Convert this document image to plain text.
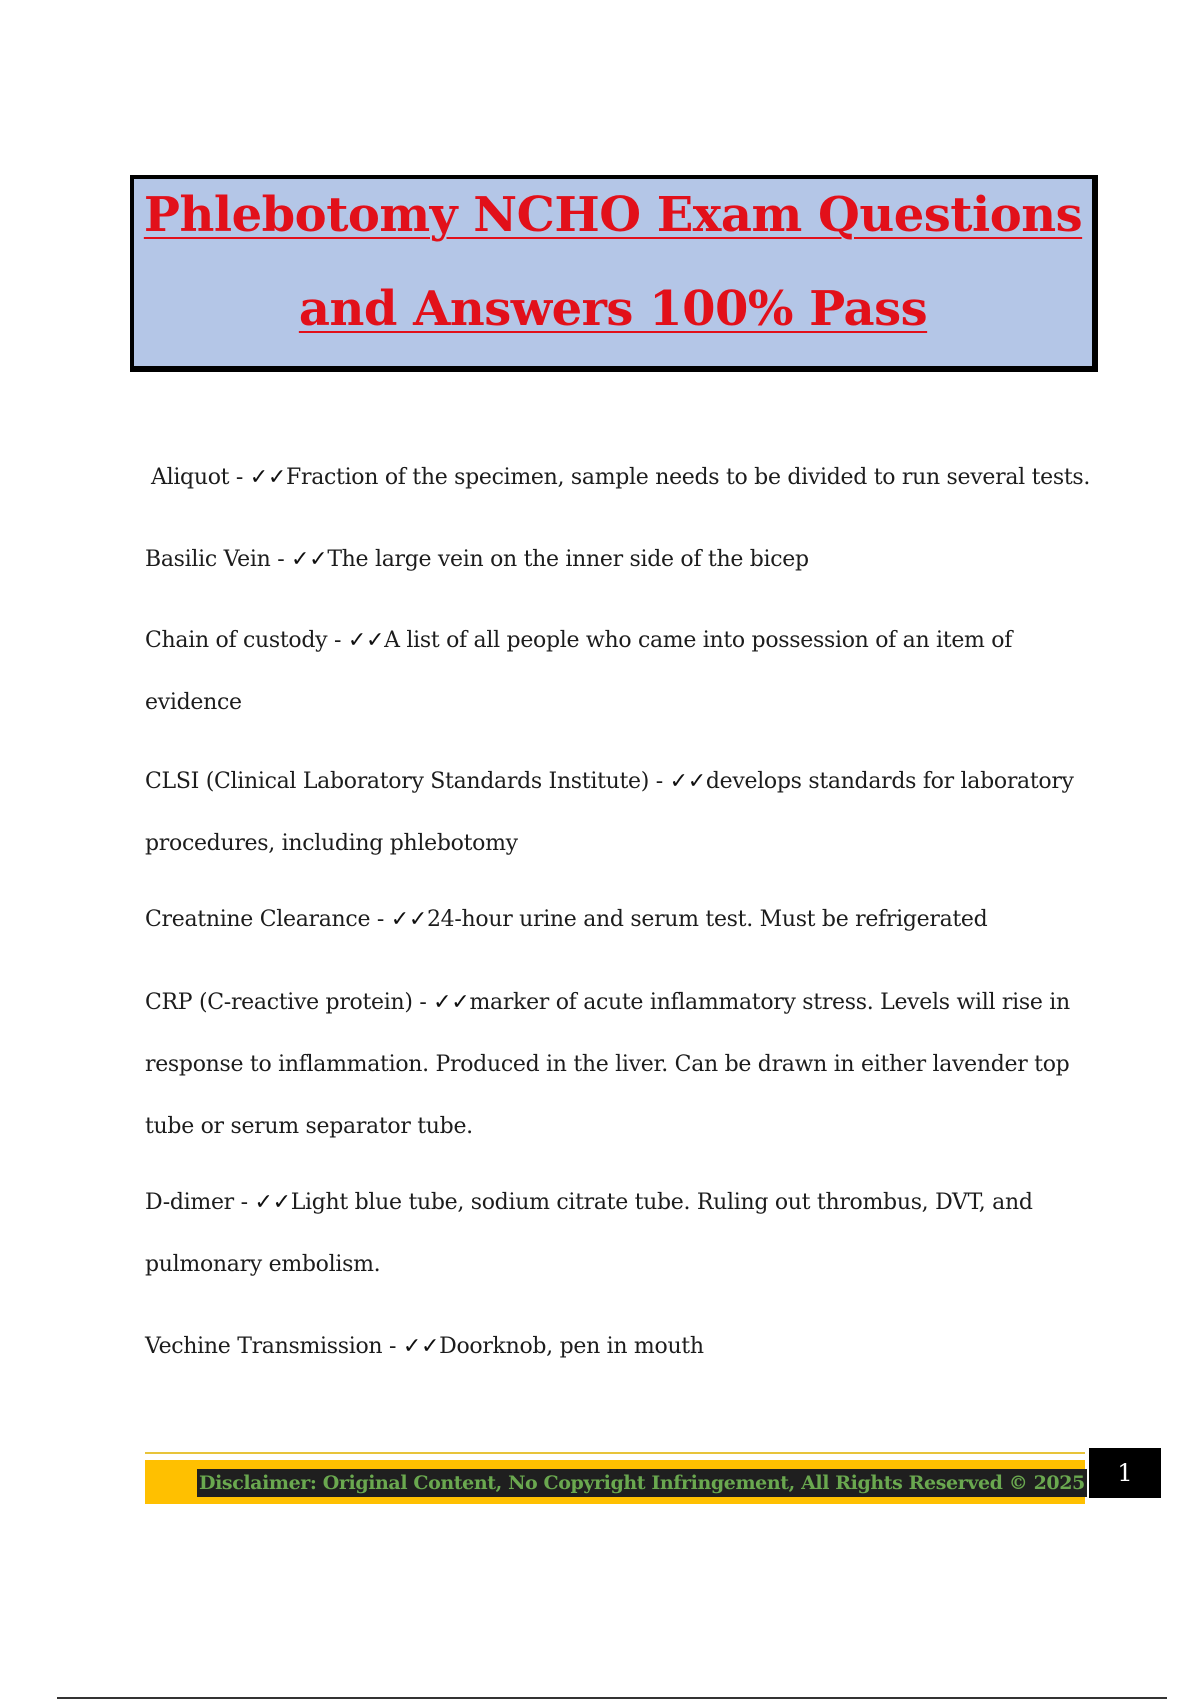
Phlebotomy NCHO Exam Questions
and Answers 100% Pass

Aliquot - ✓✓Fraction of the specimen, sample needs to be divided to run several tests.

Basilic Vein - ✓✓The large vein on the inner side of the bicep

Chain of custody - ✓✓A list of all people who came into possession of an item of evidence

CLSI (Clinical Laboratory Standards Institute) - ✓✓develops standards for laboratory procedures, including phlebotomy

Creatnine Clearance - ✓✓24-hour urine and serum test. Must be refrigerated

CRP (C-reactive protein) - ✓✓marker of acute inflammatory stress. Levels will rise in response to inflammation. Produced in the liver. Can be drawn in either lavender top tube or serum separator tube.

D-dimer - ✓✓Light blue tube, sodium citrate tube. Ruling out thrombus, DVT, and pulmonary embolism.

Vechine Transmission - ✓✓Doorknob, pen in mouth

Disclaimer: Original Content, No Copyright Infringement, All Rights Reserved © 2025	1
